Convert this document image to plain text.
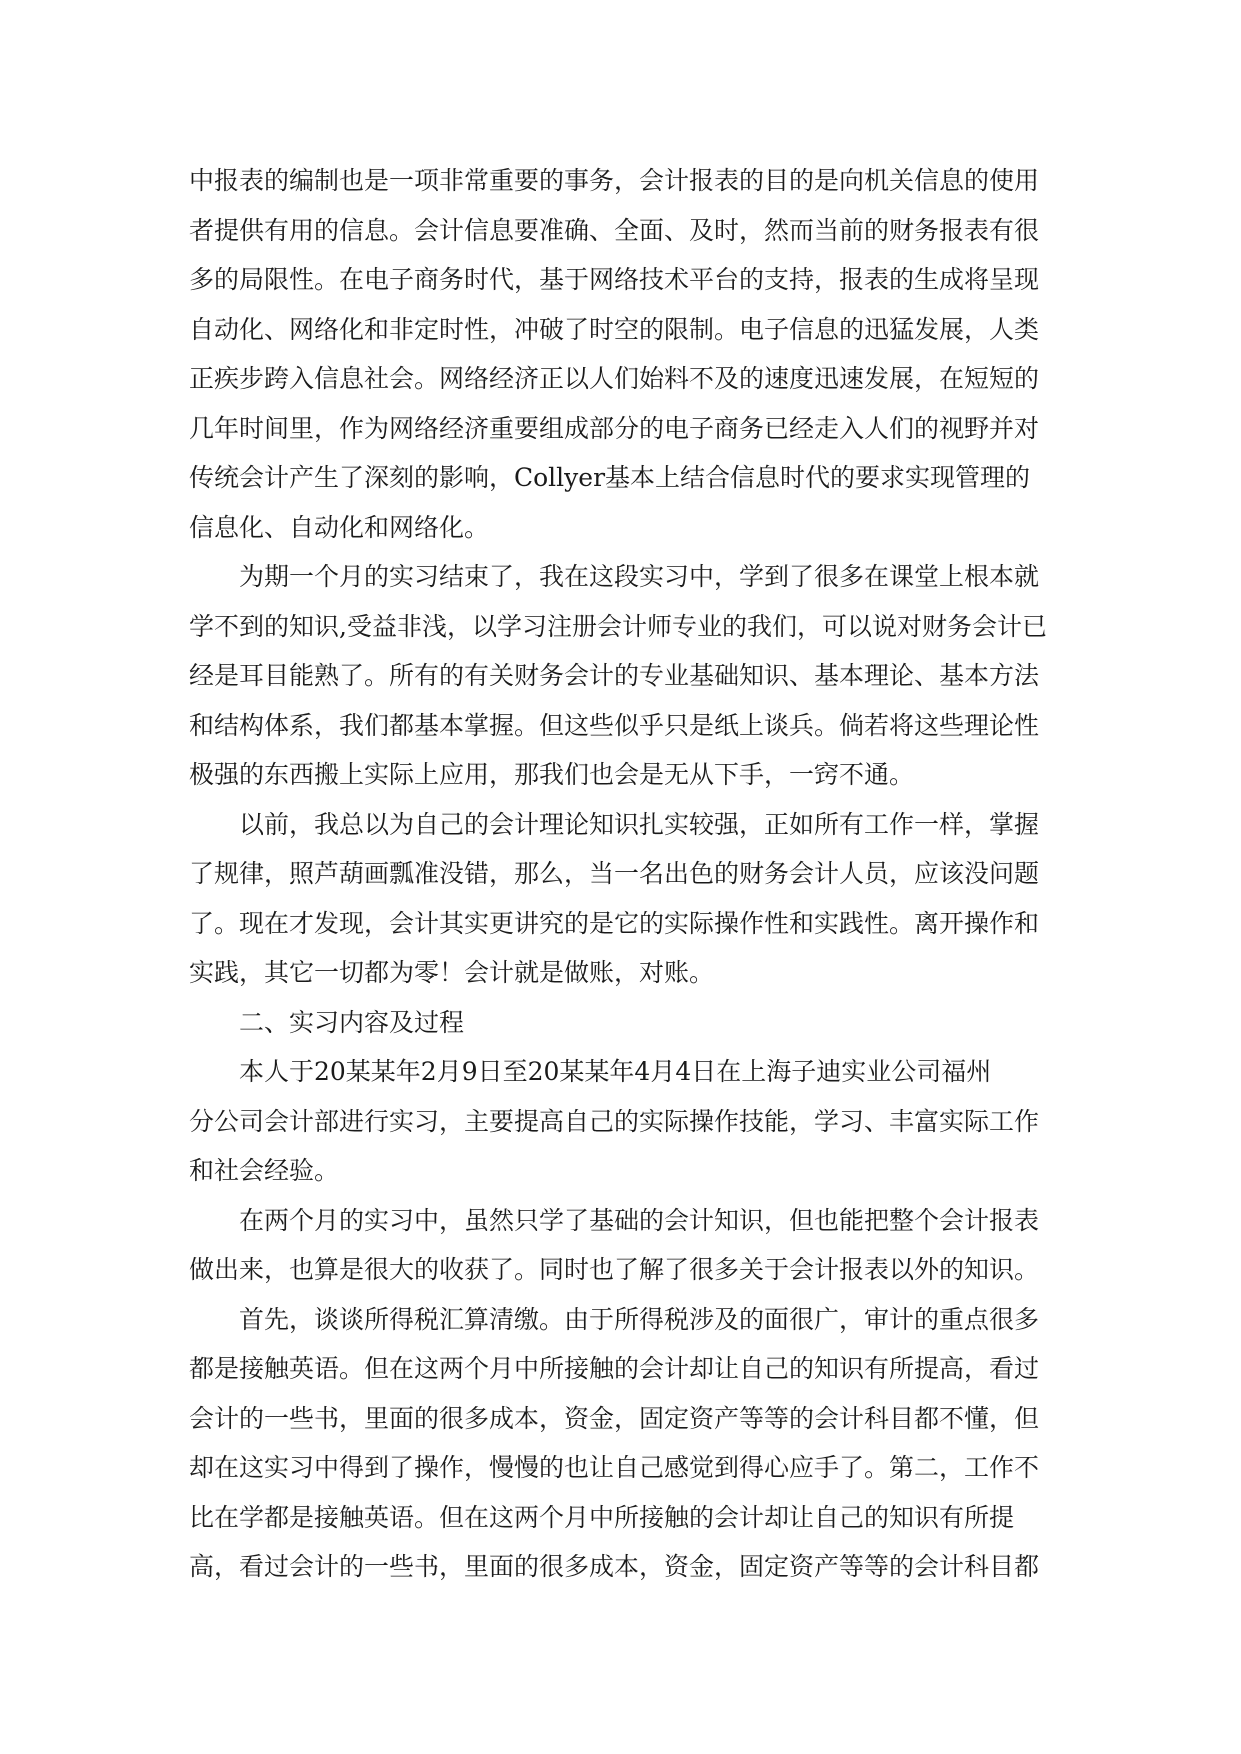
中报表的编制也是一项非常重要的事务，会计报表的目的是向机关信息的使用
者提供有用的信息。会计信息要准确、全面、及时，然而当前的财务报表有很
多的局限性。在电子商务时代，基于网络技术平台的支持，报表的生成将呈现
自动化、网络化和非定时性，冲破了时空的限制。电子信息的迅猛发展，人类
正疾步跨入信息社会。网络经济正以人们始料不及的速度迅速发展，在短短的
几年时间里，作为网络经济重要组成部分的电子商务已经走入人们的视野并对
传统会计产生了深刻的影响，Collyer基本上结合信息时代的要求实现管理的
信息化、自动化和网络化。
为期一个月的实习结束了，我在这段实习中，学到了很多在课堂上根本就
学不到的知识,受益非浅，以学习注册会计师专业的我们，可以说对财务会计已
经是耳目能熟了。所有的有关财务会计的专业基础知识、基本理论、基本方法
和结构体系，我们都基本掌握。但这些似乎只是纸上谈兵。倘若将这些理论性
极强的东西搬上实际上应用，那我们也会是无从下手，一窍不通。
以前，我总以为自己的会计理论知识扎实较强，正如所有工作一样，掌握
了规律，照芦葫画瓢准没错，那么，当一名出色的财务会计人员，应该没问题
了。现在才发现，会计其实更讲究的是它的实际操作性和实践性。离开操作和
实践，其它一切都为零！会计就是做账，对账。
二、实习内容及过程
本人于20某某年2月9日至20某某年4月4日在上海子迪实业公司福州
分公司会计部进行实习，主要提高自己的实际操作技能，学习、丰富实际工作
和社会经验。
在两个月的实习中，虽然只学了基础的会计知识，但也能把整个会计报表
做出来，也算是很大的收获了。同时也了解了很多关于会计报表以外的知识。
首先，谈谈所得税汇算清缴。由于所得税涉及的面很广，审计的重点很多
都是接触英语。但在这两个月中所接触的会计却让自己的知识有所提高，看过
会计的一些书，里面的很多成本，资金，固定资产等等的会计科目都不懂，但
却在这实习中得到了操作，慢慢的也让自己感觉到得心应手了。第二，工作不
比在学都是接触英语。但在这两个月中所接触的会计却让自己的知识有所提
高，看过会计的一些书，里面的很多成本，资金，固定资产等等的会计科目都
